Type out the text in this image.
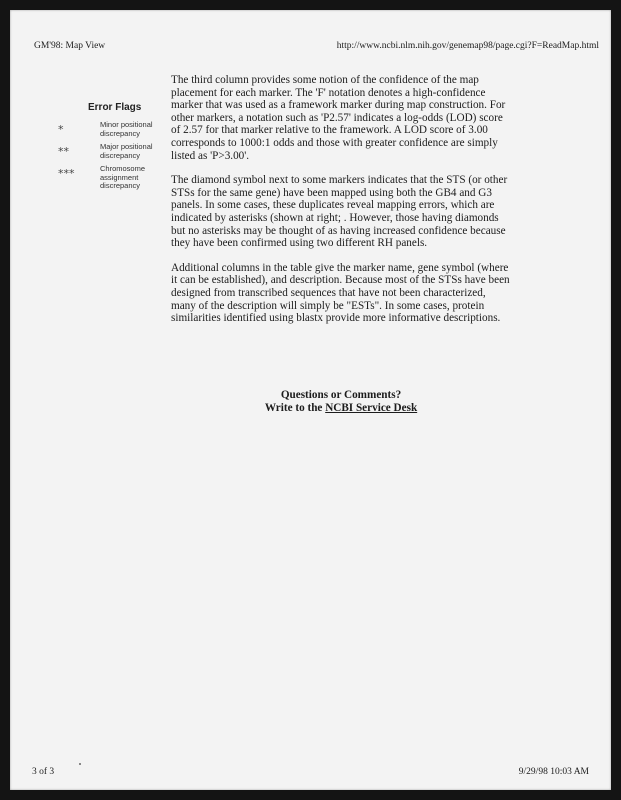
GM'98: Map View	http://www.ncbi.nlm.nih.gov/genemap98/page.cgi?F=ReadMap.html
Error Flags
*	Minor positional discrepancy
**	Major positional discrepancy
***	Chromosome assignment discrepancy

The third column provides some notion of the confidence of the map placement for each marker. The 'F' notation denotes a high-confidence marker that was used as a framework marker during map construction. For other markers, a notation such as 'P2.57' indicates a log-odds (LOD) score of 2.57 for that marker relative to the framework. A LOD score of 3.00 corresponds to 1000:1 odds and those with greater confidence are simply listed as 'P>3.00'.

The diamond symbol next to some markers indicates that the STS (or other STSs for the same gene) have been mapped using both the GB4 and G3 panels. In some cases, these duplicates reveal mapping errors, which are indicated by asterisks (shown at right; . However, those having diamonds but no asterisks may be thought of as having increased confidence because they have been confirmed using two different RH panels.

Additional columns in the table give the marker name, gene symbol (where it can be established), and description. Because most of the STSs have been designed from transcribed sequences that have not been characterized, many of the description will simply be "ESTs". In some cases, protein similarities identified using blastx provide more informative descriptions.

Questions or Comments?
Write to the NCBI Service Desk
3 of 3	9/29/98 10:03 AM
